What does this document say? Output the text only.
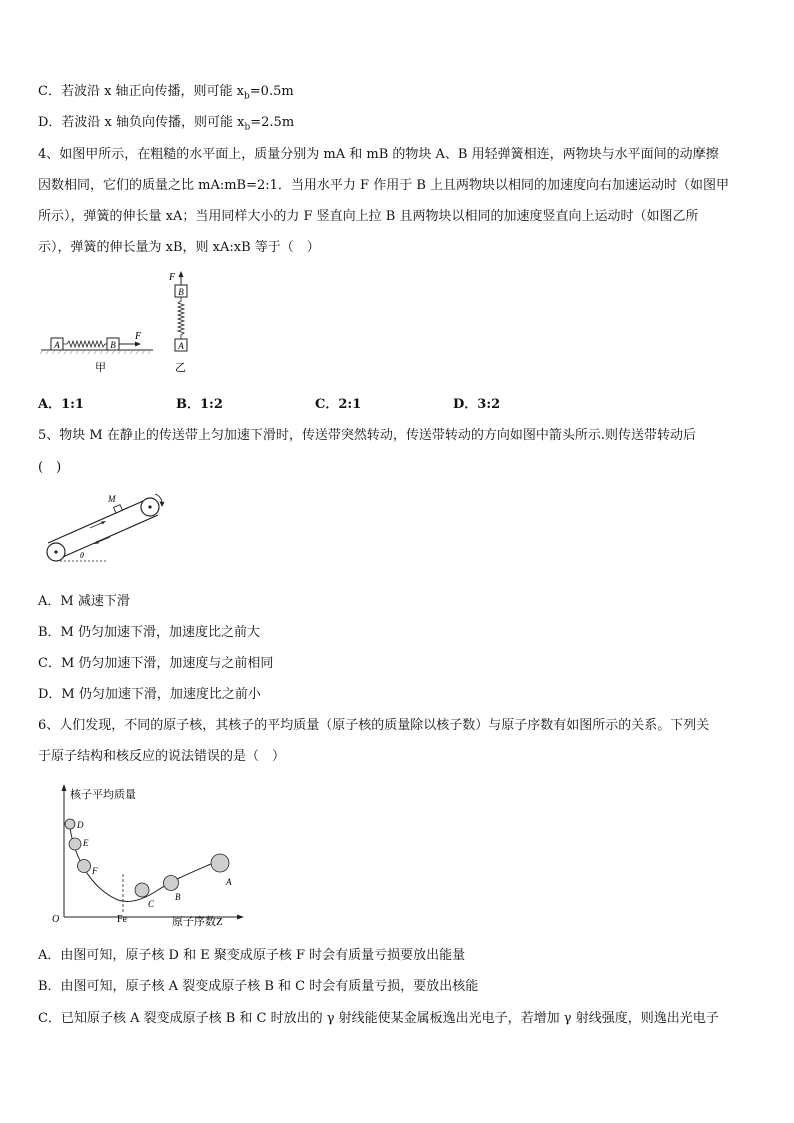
C．若波沿 x 轴正向传播，则可能 $x_b=0.5m$
D．若波沿 x 轴负向传播，则可能 $x_b=2.5m$
4、如图甲所示，在粗糙的水平面上，质量分别为 mA 和 mB 的物块 A、B 用轻弹簧相连，两物块与水平面间的动摩擦
因数相同，它们的质量之比 mA:mB=2:1．当用水平力 F 作用于 B 上且两物块以相同的加速度向右加速运动时（如图甲
所示），弹簧的伸长量 xA；当用同样大小的力 F 竖直向上拉 B 且两物块以相同的加速度竖直向上运动时（如图乙所
示），弹簧的伸长量为 xB，则 xA:xB 等于（　）
A	B
F
甲
F
B
A
乙
A．1:1	B．1:2	C．2:1	D．3:2
5、物块 M 在静止的传送带上匀加速下滑时，传送带突然转动，传送带转动的方向如图中箭头所示.则传送带转动后
(　)
M
θ
A．M 减速下滑
B．M 仍匀加速下滑，加速度比之前大
C．M 仍匀加速下滑，加速度与之前相同
D．M 仍匀加速下滑，加速度比之前小
6、人们发现，不同的原子核，其核子的平均质量（原子核的质量除以核子数）与原子序数有如图所示的关系。下列关
于原子结构和核反应的说法错误的是（　）
核子平均质量
原子序数Z
O	Fe
D
E
F
C
B
A
A．由图可知，原子核 D 和 E 聚变成原子核 F 时会有质量亏损要放出能量
B．由图可知，原子核 A 裂变成原子核 B 和 C 时会有质量亏损，要放出核能
C．已知原子核 A 裂变成原子核 B 和 C 时放出的 γ 射线能使某金属板逸出光电子，若增加 γ 射线强度，则逸出光电子
